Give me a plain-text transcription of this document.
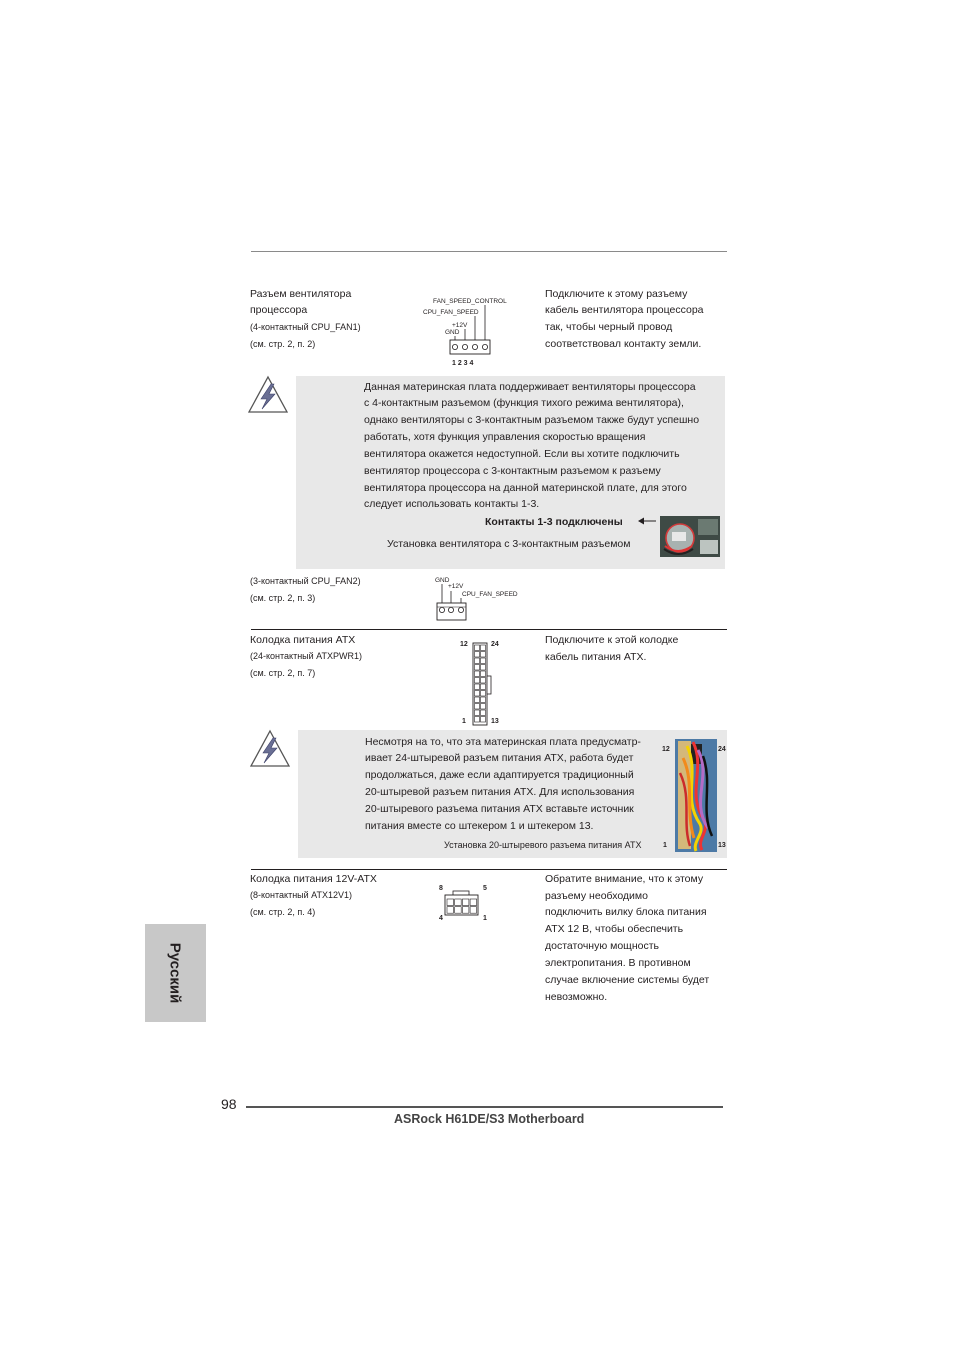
Разъем вентилятора
процессора
(4-контактный CPU_FAN1)
(см. стр. 2, п. 2)
FAN_SPEED_CONTROL
CPU_FAN_SPEED
+12V
GND
1 2 3 4
Подключите к этому разъему
кабель вентилятора процессора
так, чтобы черный провод
соответствовал контакту земли.
Данная материнская плата поддерживает вентиляторы процессора
с 4-контактным разъемом (функция тихого режима вентилятора),
однако вентиляторы с 3-контактным разъемом также будут успешно
работать, хотя функция управления скоростью вращения
вентилятора окажется недоступной. Если вы хотите подключить
вентилятор процессора с 3-контактным разъемом к разъему
вентилятора процессора на данной материнской плате, для этого
следует использовать контакты 1-3.
Контакты 1-3 подключены
Установка вентилятора с 3-контактным разъемом
(3-контактный CPU_FAN2)
(см. стр. 2, п. 3)
GND
+12V
CPU_FAN_SPEED
Колодка питания ATX
(24-контактный ATXPWR1)
(см. стр. 2, п. 7)
12	24
1	13
Подключите к этой колодке
кабель питания ATX.
Несмотря на то, что эта материнская плата предусматр-
ивает 24-штыревой разъем питания ATX, работа будет
продолжаться, даже если адаптируется традиционный
20-штыревой разъем питания ATX. Для использования
20-штыревого разъема питания ATX вставьте источник
питания вместе со штекером 1 и штекером 13.
Установка 20-штыревого разъема питания ATX
12	24
1	13
Колодка питания 12V-ATX
(8-контактный ATX12V1)
(см. стр. 2, п. 4)
8	5
4	1
Обратите внимание, что к этому
разъему необходимо
подключить вилку блока питания
ATX 12 В, чтобы обеспечить
достаточную мощность
электропитания. В противном
случае включение системы будет
невозможно.
Русский
98
ASRock H61DE/S3 Motherboard
